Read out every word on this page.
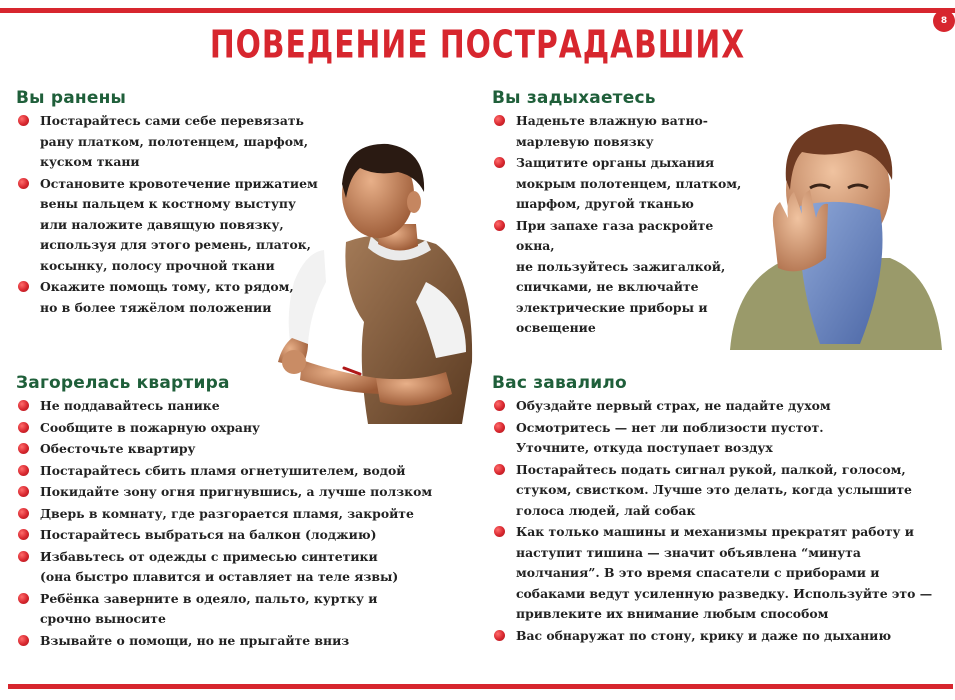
8
ПОВЕДЕНИЕ ПОСТРАДАВШИХ
Вы ранены
Постарайтесь сами себе перевязать
рану платком, полотенцем, шарфом,
куском ткани
Остановите кровотечение прижатием
вены пальцем к костному выступу
или наложите давящую повязку,
используя для этого ремень, платок,
косынку, полосу прочной ткани
Окажите помощь тому, кто рядом,
но в более тяжёлом положении
Вы задыхаетесь
Наденьте влажную ватно-
марлевую повязку
Защитите органы дыхания
мокрым полотенцем, платком,
шарфом, другой тканью
При запахе газа раскройте окна,
не пользуйтесь зажигалкой,
спичками, не включайте
электрические приборы и
освещение
Загорелась квартира
Не поддавайтесь панике
Сообщите в пожарную охрану
Обесточьте квартиру
Постарайтесь сбить пламя огнетушителем, водой
Покидайте зону огня пригнувшись, а лучше ползком
Дверь в комнату, где разгорается пламя, закройте
Постарайтесь выбраться на балкон (лоджию)
Избавьтесь от одежды с примесью синтетики
(она быстро плавится и оставляет на теле язвы)
Ребёнка заверните в одеяло, пальто, куртку и
срочно выносите
Взывайте о помощи, но не прыгайте вниз
Вас завалило
Обуздайте первый страх, не падайте духом
Осмотритесь — нет ли поблизости пустот.
Уточните, откуда поступает воздух
Постарайтесь подать сигнал рукой, палкой, голосом,
стуком, свистком. Лучше это делать, когда услышите
голоса людей, лай собак
Как только машины и механизмы прекратят работу и
наступит тишина — значит объявлена “минута
молчания”. В это время спасатели с приборами и
собаками ведут усиленную разведку. Используйте это —
привлеките их внимание любым способом
Вас обнаружат по стону, крику и даже по дыханию
